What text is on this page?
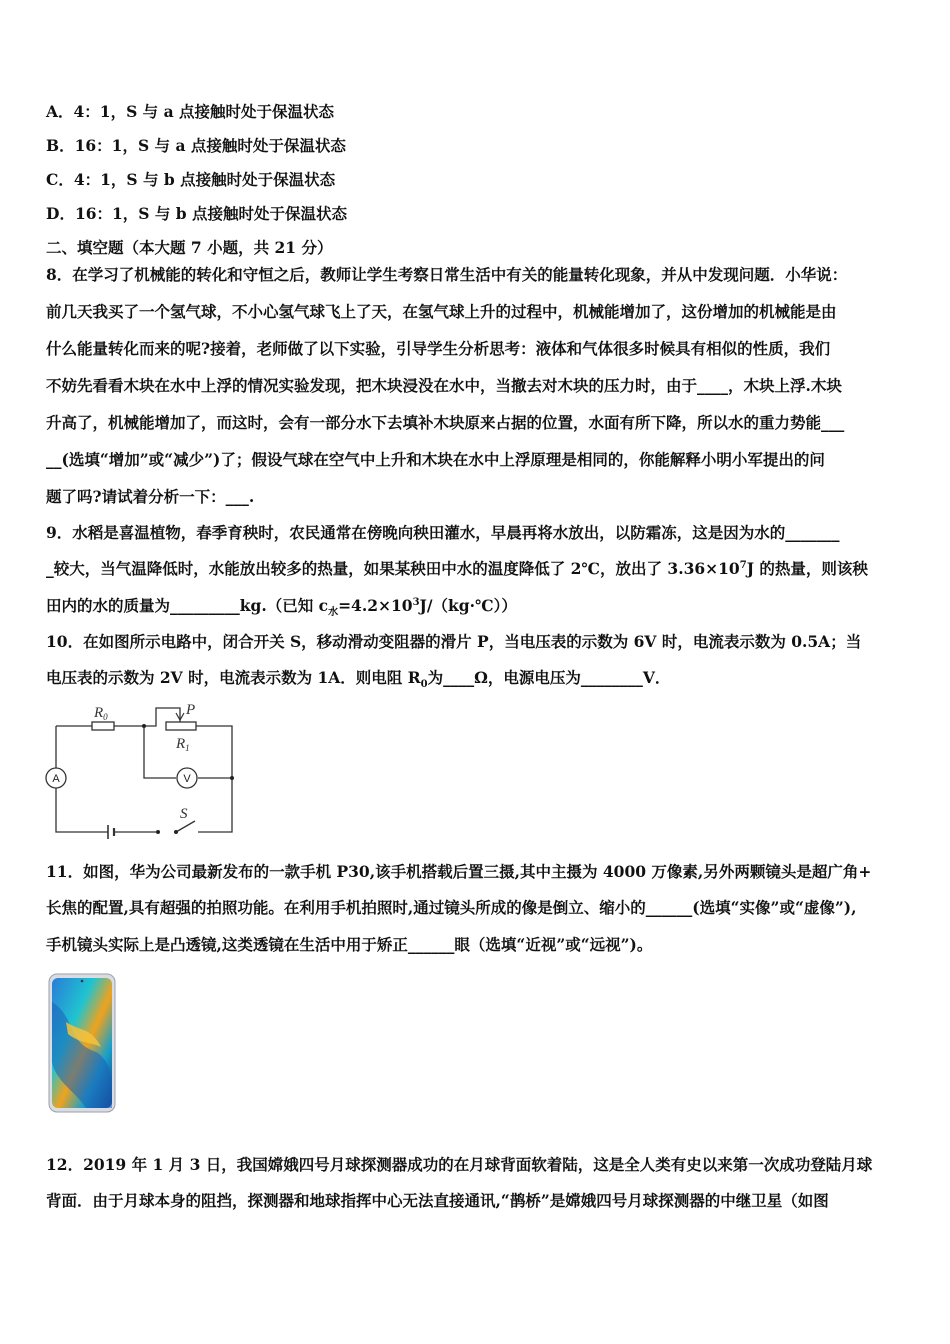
A．4：1，S 与 a 点接触时处于保温状态
B．16：1，S 与 a 点接触时处于保温状态
C．4：1，S 与 b 点接触时处于保温状态
D．16：1，S 与 b 点接触时处于保温状态
二、填空题（本大题 7 小题，共 21 分）
8．在学习了机械能的转化和守恒之后，教师让学生考察日常生活中有关的能量转化现象，并从中发现问题．小华说：
前几天我买了一个氢气球，不小心氢气球飞上了天，在氢气球上升的过程中，机械能增加了，这份增加的机械能是由
什么能量转化而来的呢?接着，老师做了以下实验，引导学生分析思考：液体和气体很多时候具有相似的性质，我们
不妨先看看木块在水中上浮的情况实验发现，把木块浸没在水中，当撤去对木块的压力时，由于____，木块上浮.木块
升高了，机械能增加了，而这时，会有一部分水下去填补木块原来占据的位置，水面有所下降，所以水的重力势能___
__(选填“增加”或“减少”)了；假设气球在空气中上升和木块在水中上浮原理是相同的，你能解释小明小军提出的问
题了吗?请试着分析一下：___.
9．水稻是喜温植物，春季育秧时，农民通常在傍晚向秧田灌水，早晨再将水放出，以防霜冻，这是因为水的_______
_较大，当气温降低时，水能放出较多的热量，如果某秧田中水的温度降低了 2℃，放出了 $3.36\times 10^7J$ 的热量，则该秧
田内的水的质量为_________kg.（已知 $c_水=4.2\times 10^3J/(kg\cdot℃)$）
10．在如图所示电路中，闭合开关 S，移动滑动变阻器的滑片 P，当电压表的示数为 6V 时，电流表示数为 0.5A；当
电压表的示数为 2V 时，电流表示数为 1A．则电阻 $R_0$为____Ω，电源电压为________V．
$R_0$	P
$R_1$
S
A	V
11．如图，华为公司最新发布的一款手机 P30,该手机搭载后置三摄,其中主摄为 4000 万像素,另外两颗镜头是超广角+
长焦的配置,具有超强的拍照功能。在利用手机拍照时,通过镜头所成的像是倒立、缩小的______(选填“实像”或“虚像”),
手机镜头实际上是凸透镜,这类透镜在生活中用于矫正______眼（选填“近视”或“远视”)。
12．2019 年 1 月 3 日，我国嫦娥四号月球探测器成功的在月球背面软着陆，这是全人类有史以来第一次成功登陆月球
背面．由于月球本身的阻挡，探测器和地球指挥中心无法直接通讯,“鹊桥”是嫦娥四号月球探测器的中继卫星（如图
